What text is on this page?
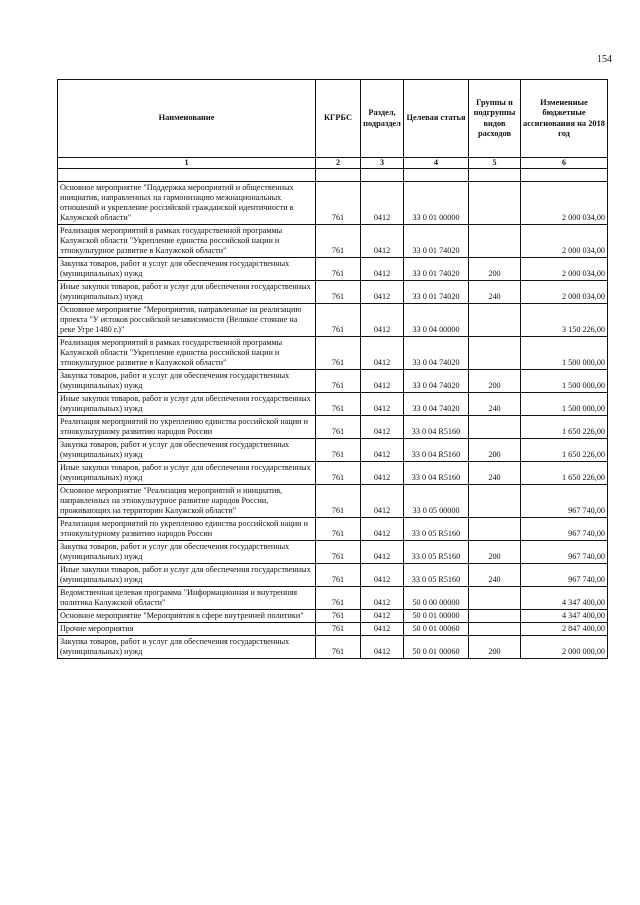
154
Наименование	КГРБС	Раздел, подраздел	Целевая статья	Группы и подгруппы видов расходов	Измененные бюджетные ассигнования на 2018 год
1	2	3	4	5	6

Основное мероприятие "Поддержка мероприятий и общественных инициатив, направленных на гармонизацию межнациональных отношений и укрепление российской гражданской идентичности в Калужской области"	761	0412	33 0 01 00000		2 000 034,00
Реализация мероприятий в рамках государственной программы Калужской области "Укрепление единства российской нации и этнокультурное развитие в Калужской области"	761	0412	33 0 01 74020		2 000 034,00
Закупка товаров, работ и услуг для обеспечения государственных (муниципальных) нужд	761	0412	33 0 01 74020	200	2 000 034,00
Иные закупки товаров, работ и услуг для обеспечения государственных (муниципальных) нужд	761	0412	33 0 01 74020	240	2 000 034,00
Основное мероприятие "Мероприятия, направленные на реализацию проекта "У истоков российской независимости (Великое стояние на реке Угре 1480 г.)"	761	0412	33 0 04 00000		3 150 226,00
Реализация мероприятий в рамках государственной программы Калужской области "Укрепление единства российской нации и этнокультурное развитие в Калужской области"	761	0412	33 0 04 74020		1 500 000,00
Закупка товаров, работ и услуг для обеспечения государственных (муниципальных) нужд	761	0412	33 0 04 74020	200	1 500 000,00
Иные закупки товаров, работ и услуг для обеспечения государственных (муниципальных) нужд	761	0412	33 0 04 74020	240	1 500 000,00
Реализация мероприятий по укреплению единства российской нации и этнокультурному развитию народов России	761	0412	33 0 04 R5160		1 650 226,00
Закупка товаров, работ и услуг для обеспечения государственных (муниципальных) нужд	761	0412	33 0 04 R5160	200	1 650 226,00
Иные закупки товаров, работ и услуг для обеспечения государственных (муниципальных) нужд	761	0412	33 0 04 R5160	240	1 650 226,00
Основное мероприятие "Реализация мероприятий и инициатив, направленных на этнокультурное развитие народов России, проживающих на территории Калужской области"	761	0412	33 0 05 00000		967 740,00
Реализация мероприятий по укреплению единства российской нации и этнокультурному развитию народов России	761	0412	33 0 05 R5160		967 740,00
Закупка товаров, работ и услуг для обеспечения государственных (муниципальных) нужд	761	0412	33 0 05 R5160	200	967 740,00
Иные закупки товаров, работ и услуг для обеспечения государственных (муниципальных) нужд	761	0412	33 0 05 R5160	240	967 740,00
Ведомственная целевая программа "Информационная и внутренняя политика Калужской области"	761	0412	50 0 00 00000		4 347 400,00
Основное мероприятие "Мероприятия в сфере внутренней политики"	761	0412	50 0 01 00000		4 347 400,00
Прочие мероприятия	761	0412	50 0 01 00060		2 847 400,00
Закупка товаров, работ и услуг для обеспечения государственных (муниципальных) нужд	761	0412	50 0 01 00060	200	2 000 000,00
